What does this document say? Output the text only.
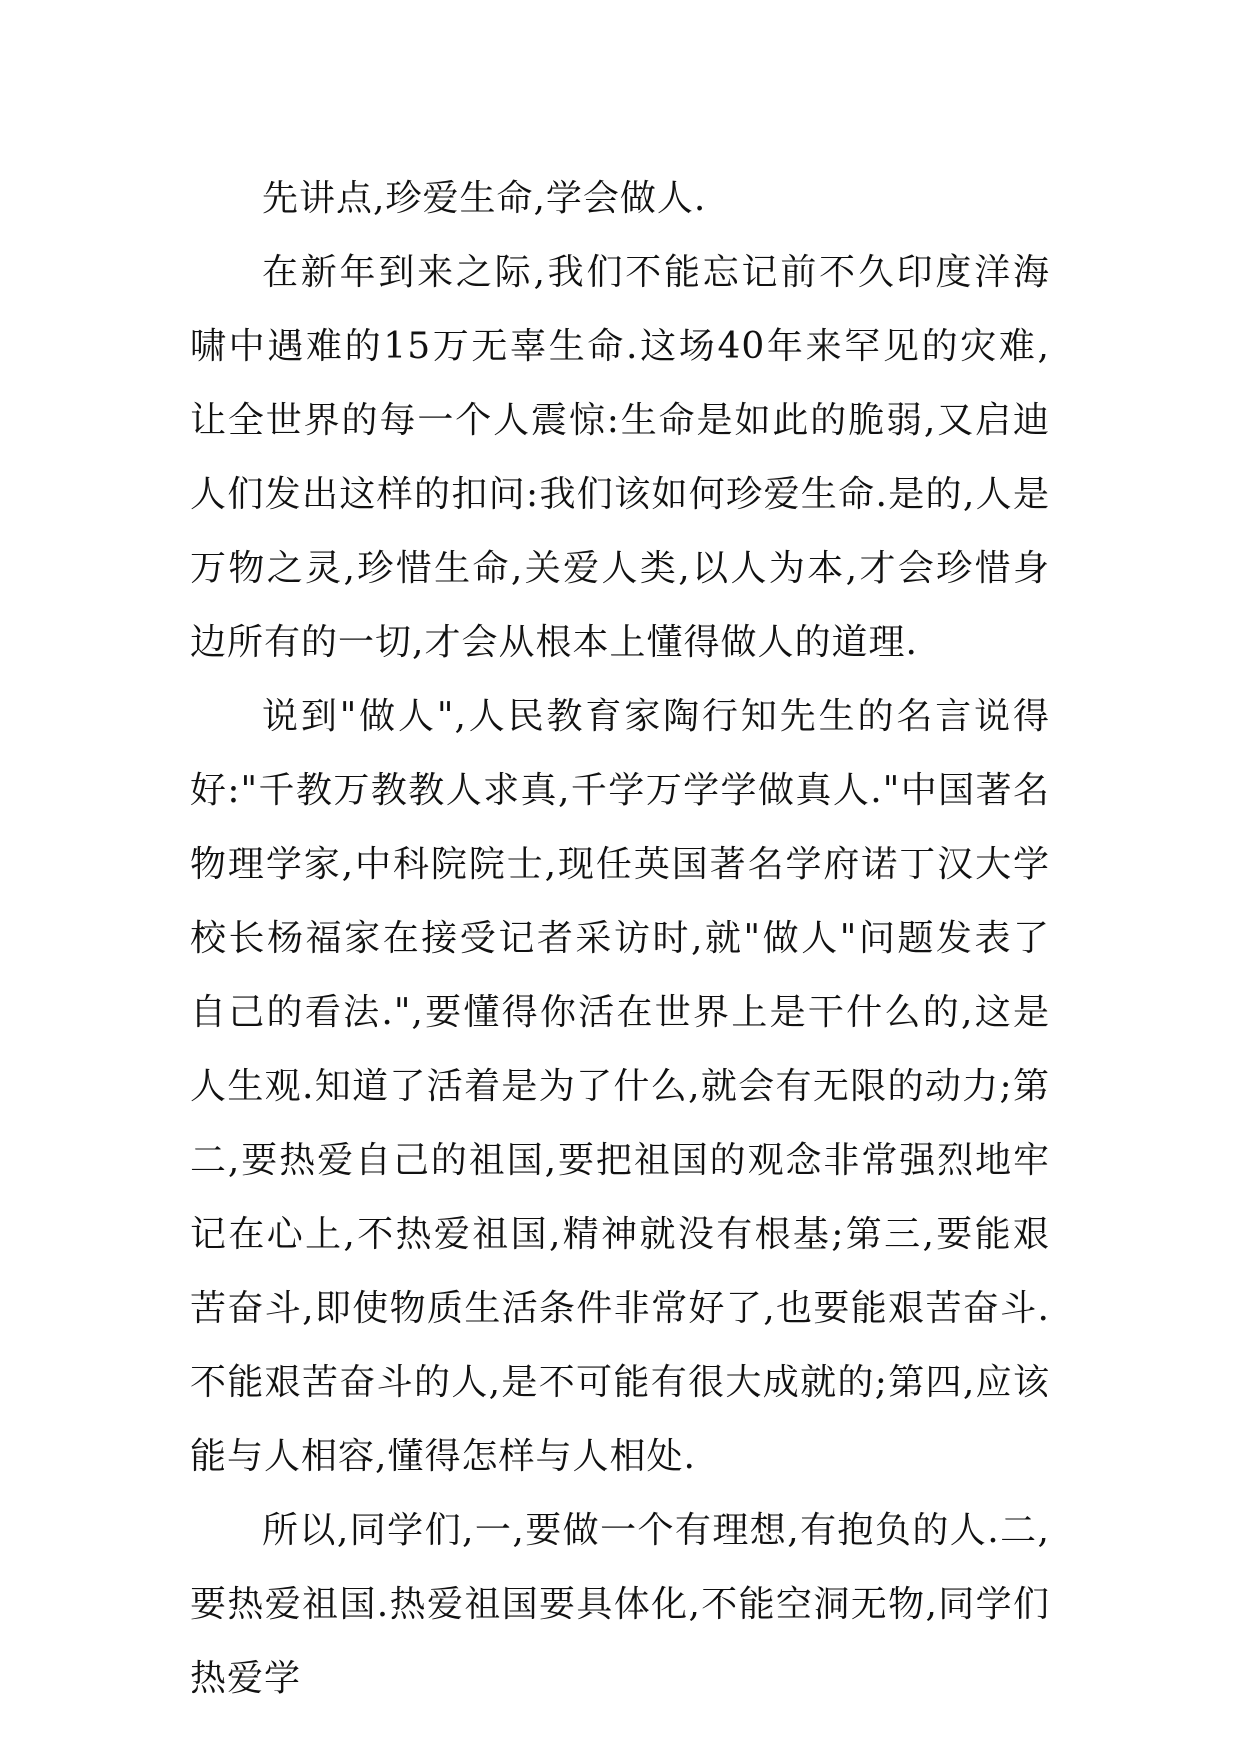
先讲点,珍爱生命,学会做人.

在新年到来之际,我们不能忘记前不久印度洋海啸中遇难的15万无辜生命.这场40年来罕见的灾难,让全世界的每一个人震惊:生命是如此的脆弱,又启迪人们发出这样的扣问:我们该如何珍爱生命.是的,人是万物之灵,珍惜生命,关爱人类,以人为本,才会珍惜身边所有的一切,才会从根本上懂得做人的道理.

说到"做人",人民教育家陶行知先生的名言说得好:"千教万教教人求真,千学万学学做真人."中国著名物理学家,中科院院士,现任英国著名学府诺丁汉大学校长杨福家在接受记者采访时,就"做人"问题发表了自己的看法.",要懂得你活在世界上是干什么的,这是人生观.知道了活着是为了什么,就会有无限的动力;第二,要热爱自己的祖国,要把祖国的观念非常强烈地牢记在心上,不热爱祖国,精神就没有根基;第三,要能艰苦奋斗,即使物质生活条件非常好了,也要能艰苦奋斗.不能艰苦奋斗的人,是不可能有很大成就的;第四,应该能与人相容,懂得怎样与人相处.

所以,同学们,一,要做一个有理想,有抱负的人.二,要热爱祖国.热爱祖国要具体化,不能空洞无物,同学们热爱学
